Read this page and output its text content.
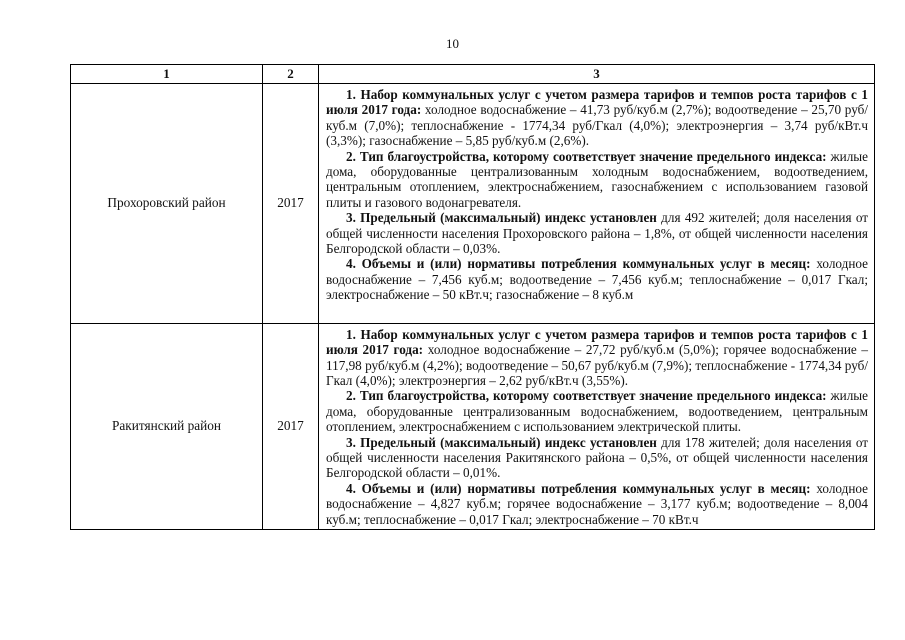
10
1	2	3
Прохоровский район	2017	1. Набор коммунальных услуг с учетом размера тарифов и темпов роста тарифов с 1 июля 2017 года: холодное водоснабжение – 41,73 руб/куб.м (2,7%); водоотведение – 25,70 руб/куб.м (7,0%); теплоснабжение - 1774,34 руб/Гкал (4,0%); электроэнергия – 3,74 руб/кВт.ч (3,3%); газоснабжение – 5,85 руб/куб.м (2,6%).

2. Тип благоустройства, которому соответствует значение предельного индекса: жилые дома, оборудованные централизованным холодным водоснабжением, водоотведением, центральным отоплением, электроснабжением, газоснабжением с использованием газовой плиты и газового водонагревателя.

3. Предельный (максимальный) индекс установлен для 492 жителей; доля населения от общей численности населения Прохоровского района – 1,8%, от общей численности населения Белгородской области – 0,03%.

4. Объемы и (или) нормативы потребления коммунальных услуг в месяц: холодное водоснабжение – 7,456 куб.м; водоотведение – 7,456 куб.м; теплоснабжение – 0,017 Гкал; электроснабжение – 50 кВт.ч; газоснабжение – 8 куб.м

Ракитянский район	2017	1. Набор коммунальных услуг с учетом размера тарифов и темпов роста тарифов с 1 июля 2017 года: холодное водоснабжение – 27,72 руб/куб.м (5,0%); горячее водоснабжение – 117,98 руб/куб.м (4,2%); водоотведение – 50,67 руб/куб.м (7,9%); теплоснабжение - 1774,34 руб/Гкал (4,0%); электроэнергия – 2,62 руб/кВт.ч (3,55%).

2. Тип благоустройства, которому соответствует значение предельного индекса: жилые дома, оборудованные централизованным водоснабжением, водоотведением, центральным отоплением, электроснабжением с использованием электрической плиты.

3. Предельный (максимальный) индекс установлен для 178 жителей; доля населения от общей численности населения Ракитянского района – 0,5%, от общей численности населения Белгородской области – 0,01%.

4. Объемы и (или) нормативы потребления коммунальных услуг в месяц: холодное водоснабжение – 4,827 куб.м; горячее водоснабжение – 3,177 куб.м; водоотведение – 8,004 куб.м; теплоснабжение – 0,017 Гкал; электроснабжение – 70 кВт.ч
